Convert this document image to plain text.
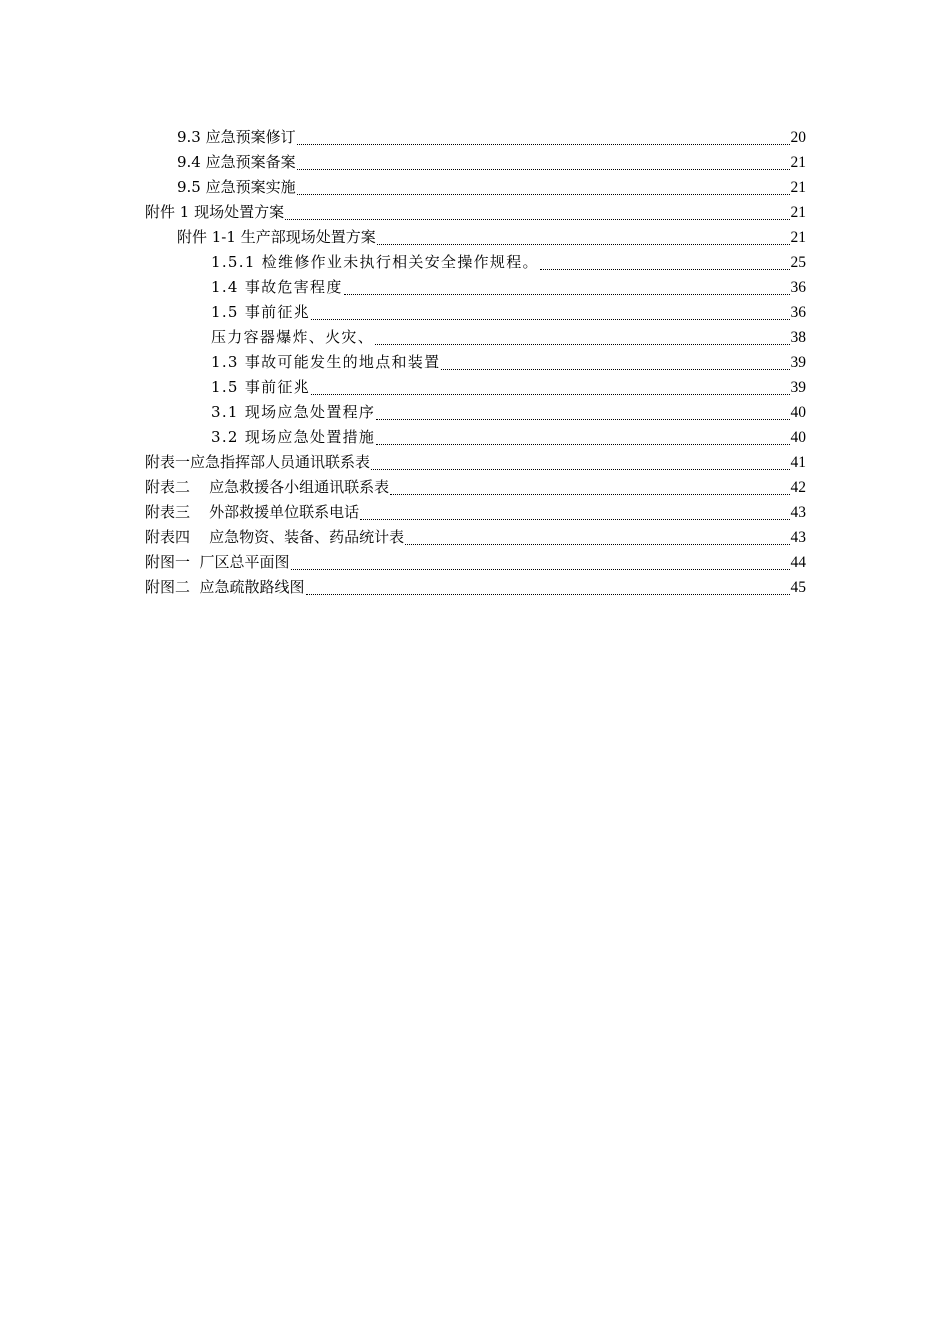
9.3 应急预案修订	20
9.4 应急预案备案	21
9.5 应急预案实施	21
附件 1 现场处置方案	21
附件 1-1 生产部现场处置方案	21
1.5.1 检维修作业未执行相关安全操作规程。	25
1.4 事故危害程度	36
1.5 事前征兆	36
压力容器爆炸、火灾、	38
1.3 事故可能发生的地点和装置	39
1.5 事前征兆	39
3.1 现场应急处置程序	40
3.2 现场应急处置措施	40
附表一应急指挥部人员通讯联系表	41
附表二    应急救援各小组通讯联系表	42
附表三    外部救援单位联系电话	43
附表四    应急物资、装备、药品统计表	43
附图一  厂区总平面图	44
附图二  应急疏散路线图	45
